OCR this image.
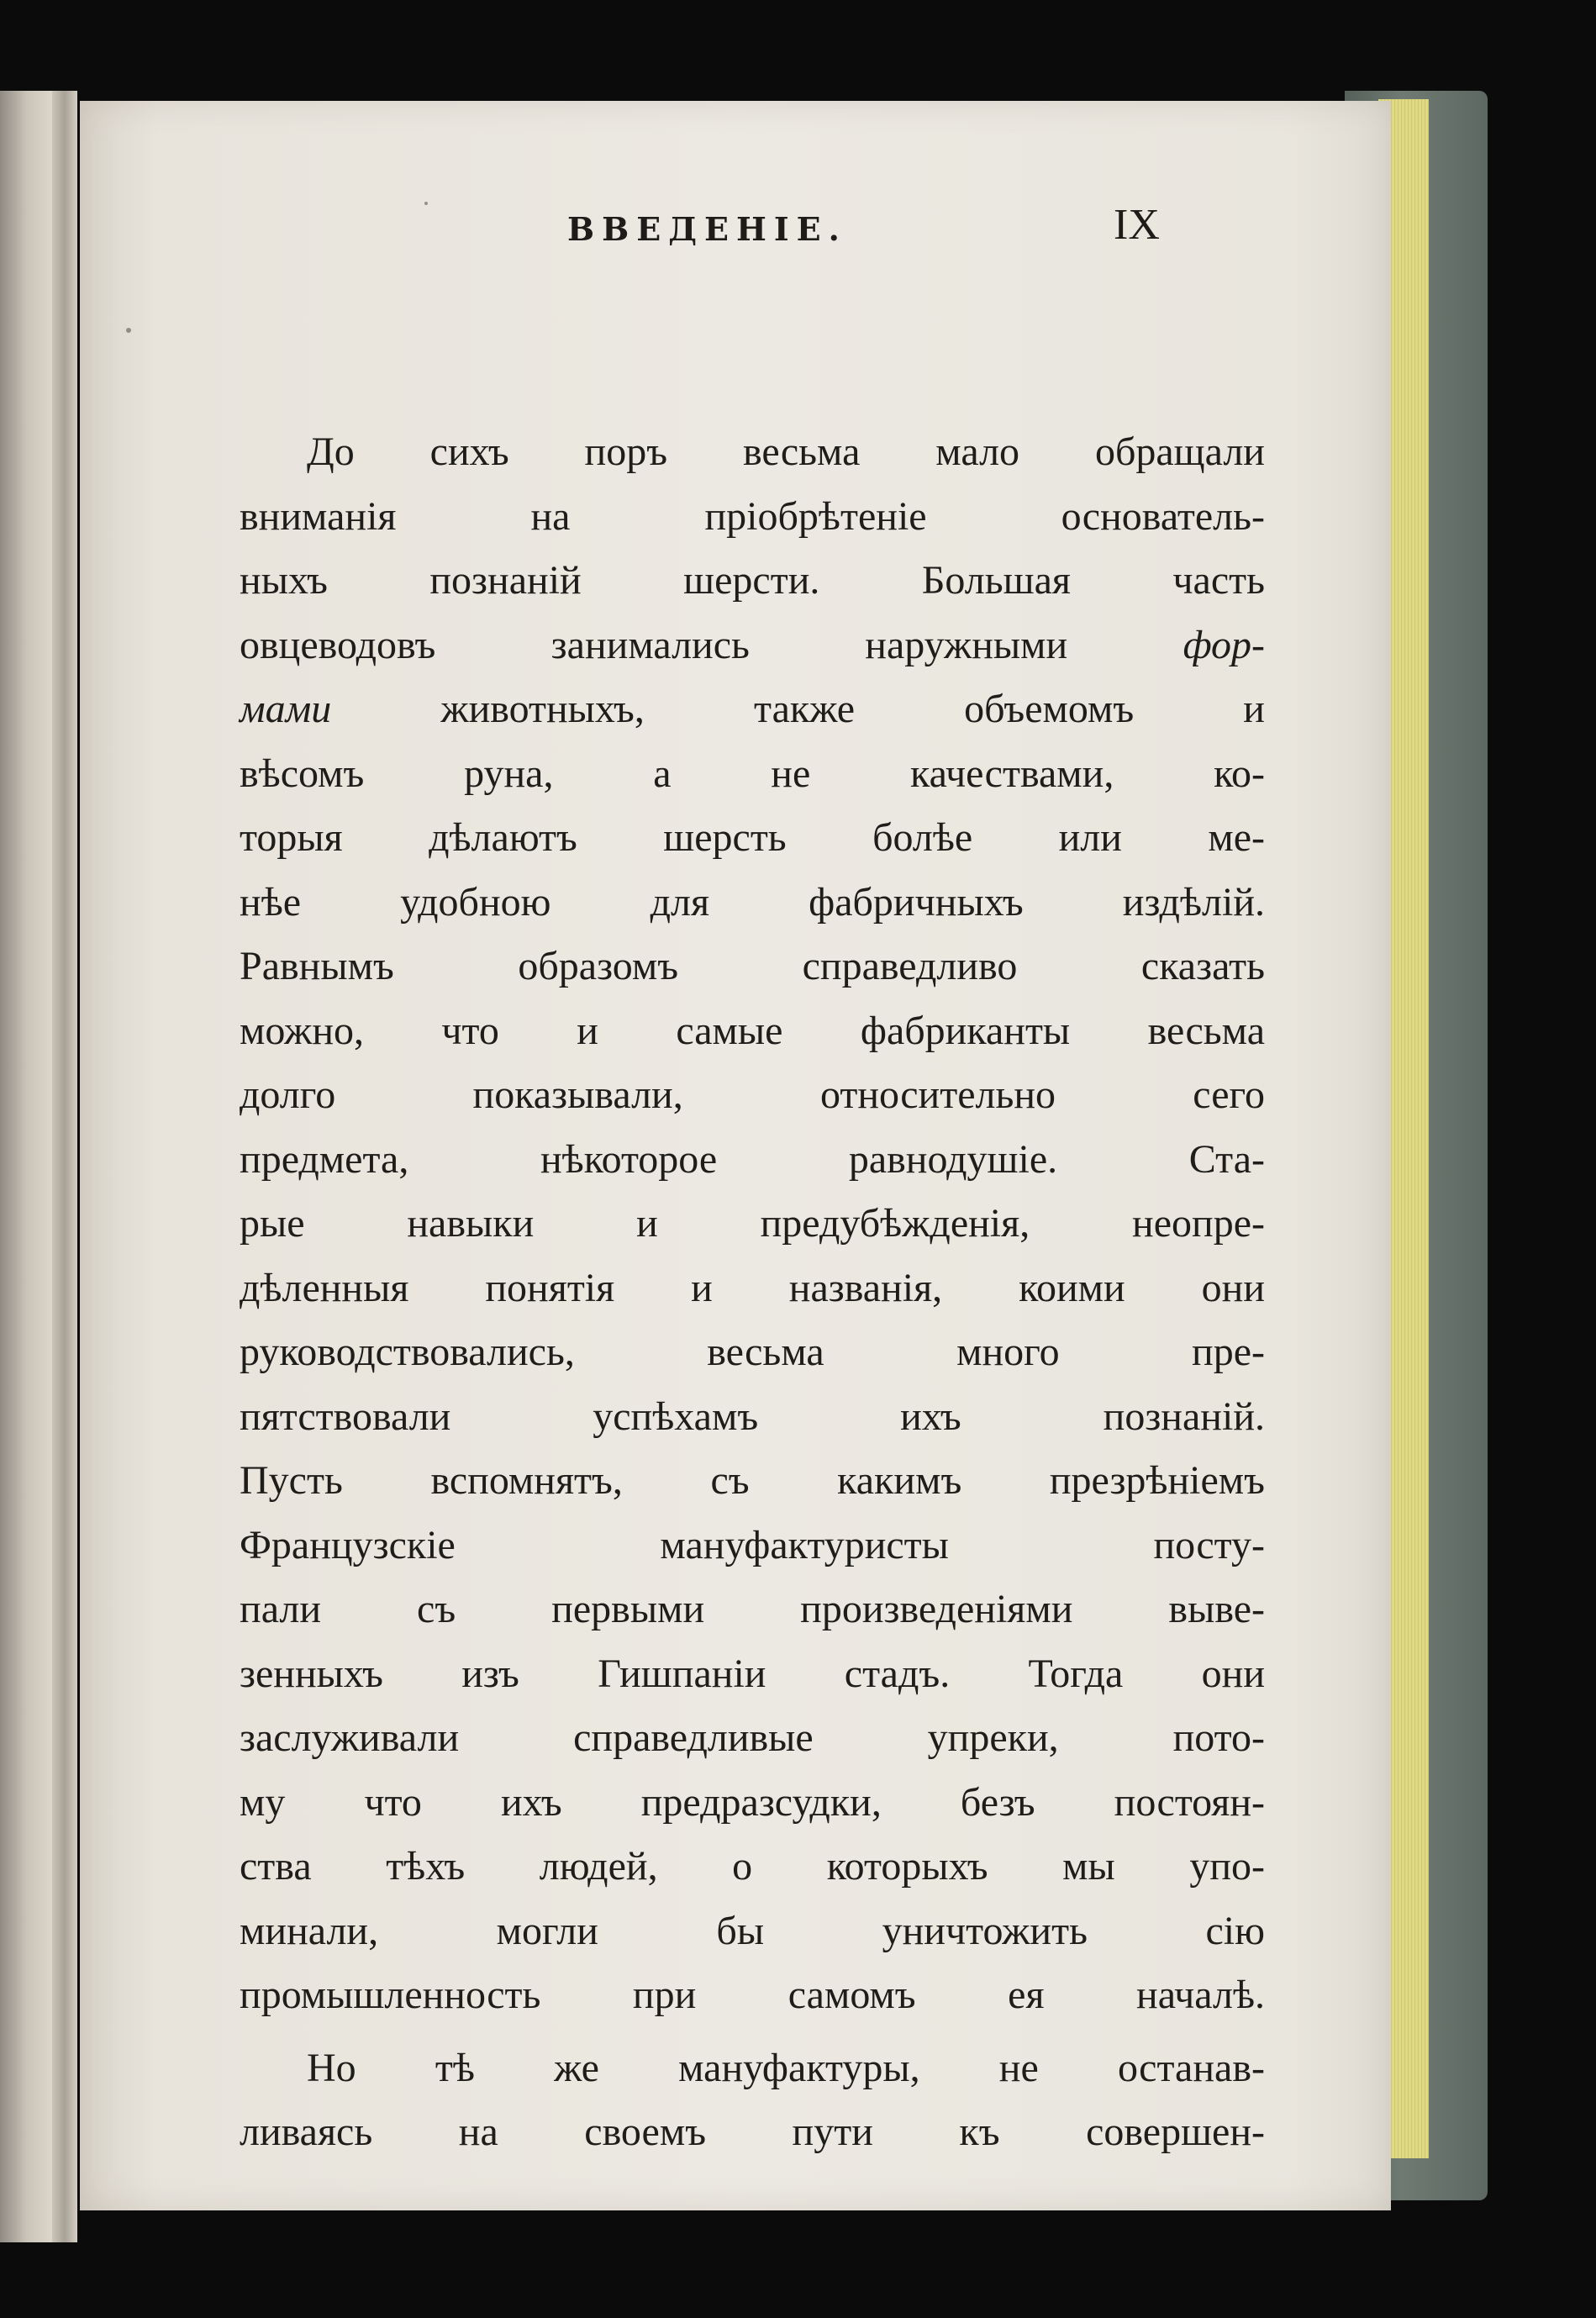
ВВЕДЕНІЕ.	IX
До сихъ поръ весьма мало обращали
вниманія на пріобрѣтеніе основатель-
ныхъ познаній шерсти. Большая часть
овцеводовъ занимались наружными	фор-
мами	животныхъ, также объемомъ и
вѣсомъ руна, а не качествами, ко-
торыя дѣлаютъ шерсть болѣе или ме-
нѣе удобною для фабричныхъ издѣлій.
Равнымъ образомъ справедливо сказать
можно, что и самые фабриканты весьма
долго показывали, относительно сего
предмета, нѣкоторое равнодушіе. Ста-
рые навыки и предубѣжденія, неопре-
дѣленныя понятія и названія, коими они
руководствовались, весьма много пре-
пятствовали успѣхамъ ихъ познаній.
Пусть вспомнятъ, съ какимъ презрѣніемъ
Французскіе мануфактуристы посту-
пали съ первыми произведеніями выве-
зенныхъ изъ Гишпаніи стадъ. Тогда они
заслуживали справедливые упреки, пото-
му что ихъ предразсудки, безъ постоян-
ства тѣхъ людей, о которыхъ мы упо-
минали, могли бы уничтожить сію
промышленность при самомъ ея началѣ.
Но тѣ же мануфактуры, не останав-
ливаясь на своемъ пути къ совершен-
